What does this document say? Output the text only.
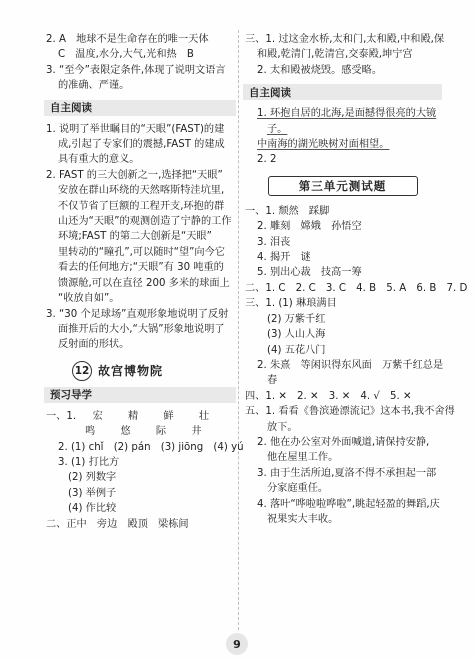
2. A　地球不是生命存在的唯一天体
C　温度,水分,大气,光和热　B
3. “至今”表限定条件,体现了说明文语言
的准确、严谨。
自主阅读
1. 说明了举世瞩目的“天眼”(FAST)的建
成,引起了专家们的震撼,FAST 的建成
具有重大的意义。
2. FAST 的三大创新之一,选择把“天眼”
安放在群山环绕的天然喀斯特洼坑里,
不仅节省了巨额的工程开支,环抱的群
山还为“天眼”的观测创造了宁静的工作
环境;FAST 的第二大创新是“天眼”
里转动的“瞳孔”,可以随时“望”向今它
看去的任何地方;“天眼”有 30 吨重的
馈源舱,可以在直径 200 多米的球面上
“收放自如”。
3. “30 个足球场”直观形象地说明了反射
面推开后的大小,“大锅”形象地说明了
反射面的形状。
12 故宫博物院
预习导学
一、1. 宏 精 鲜 壮
鸣 悠 际 井
2. (1) chǐ　(2) pán　(3) jiōng　(4) yú
3. (1) 打比方
(2) 列数字
(3) 举例子
(4) 作比较
二、正中　旁边　殿顶　梁栋间
三、1. 过这金水桥,太和门,太和殿,中和殿,保
和殿,乾清门,乾清宫,交泰殿,坤宁宫
2. 太和殿被烧毁。感受略。
自主阅读
1. 环抱自居的北海,是面撼得很亮的大镜
子。
中南海的湖光映树对面相望。
2. 2
第三单元测试题
一、1. 颓然　踩脚
2. 雕刻　嫦娥　孙悟空
3. 泪丧
4. 揭开　谜
5. 别出心裁　技高一筹
二、1. C　2. C　3. C　4. B　5. A　6. B　7. D
三、1. (1) 琳琅满目
(2) 万紫千红
(3) 人山人海
(4) 五花八门
2. 朱熹　等闲识得东风面　万紫千红总是
春
四、1. ✕　2. ✕　3. ✕　4. √　5. ✕
五、1. 看看《鲁滨逊漂流记》这本书,我不舍得
放下。
2. 他在办公室对外面喊道,请保持安静,
他在屋里工作。
3. 由于生活所迫,夏洛不得不承担起一部
分家庭重任。
4. 落叶“哗啦啦哗啦”,眺起轻盈的舞蹈,庆
祝果实大丰收。
9
